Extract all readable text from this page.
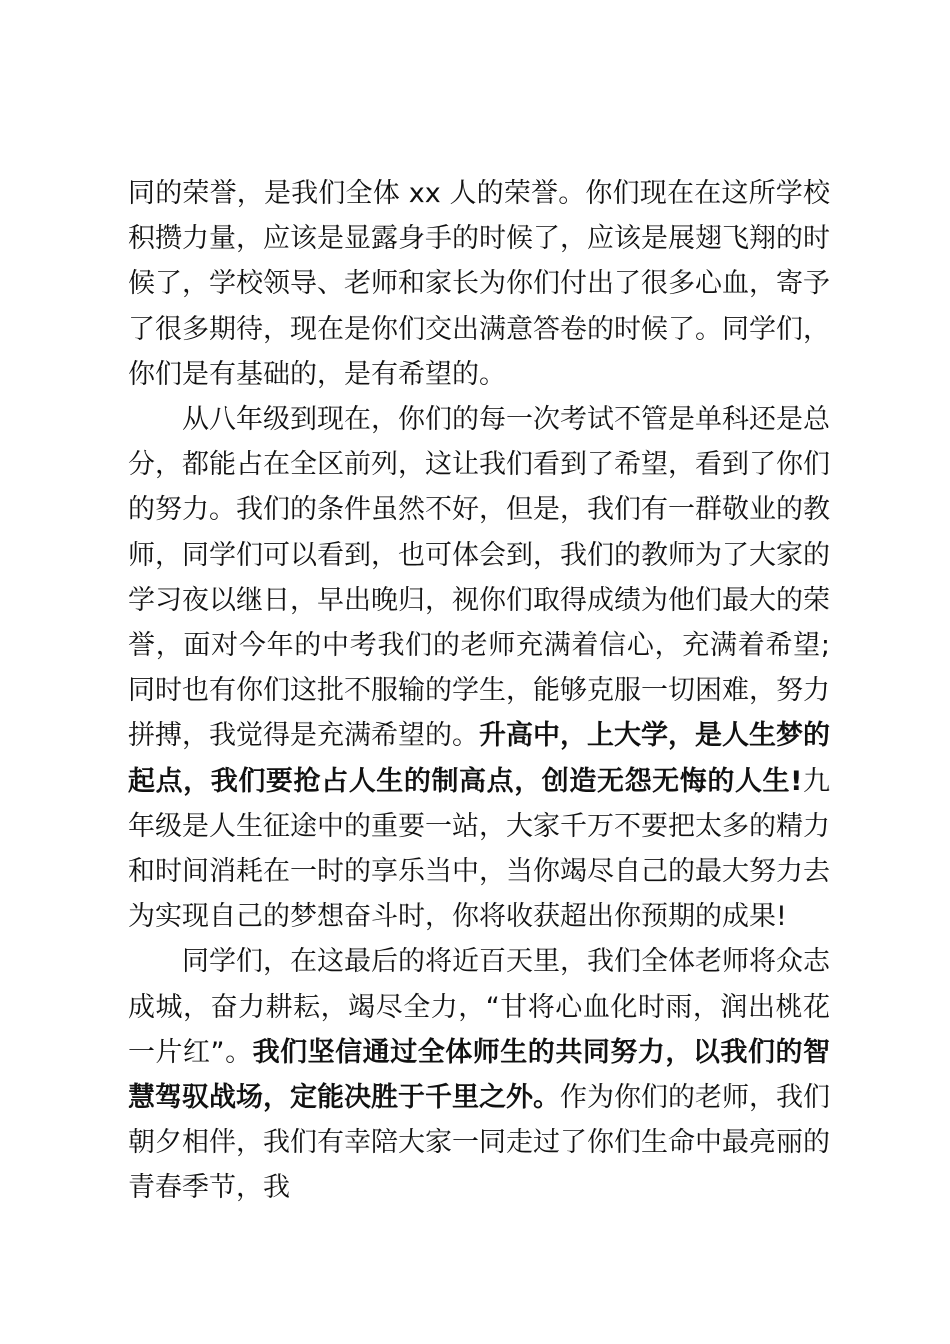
同的荣誉，是我们全体 xx 人的荣誉。你们现在在这所学校积攒力量，应该是显露身手的时候了，应该是展翅飞翔的时候了，学校领导、老师和家长为你们付出了很多心血，寄予了很多期待，现在是你们交出满意答卷的时候了。同学们，你们是有基础的，是有希望的。

从八年级到现在，你们的每一次考试不管是单科还是总分，都能占在全区前列，这让我们看到了希望，看到了你们的努力。我们的条件虽然不好，但是，我们有一群敬业的教师，同学们可以看到，也可体会到，我们的教师为了大家的学习夜以继日，早出晚归，视你们取得成绩为他们最大的荣誉，面对今年的中考我们的老师充满着信心，充满着希望;同时也有你们这批不服输的学生，能够克服一切困难，努力拼搏，我觉得是充满希望的。升高中，上大学，是人生梦的起点，我们要抢占人生的制高点，创造无怨无悔的人生!九年级是人生征途中的重要一站，大家千万不要把太多的精力和时间消耗在一时的享乐当中，当你竭尽自己的最大努力去为实现自己的梦想奋斗时，你将收获超出你预期的成果!

同学们，在这最后的将近百天里，我们全体老师将众志成城，奋力耕耘，竭尽全力，“甘将心血化时雨，润出桃花一片红”。我们坚信通过全体师生的共同努力，以我们的智慧驾驭战场，定能决胜于千里之外。作为你们的老师，我们朝夕相伴，我们有幸陪大家一同走过了你们生命中最亮丽的青春季节，我
